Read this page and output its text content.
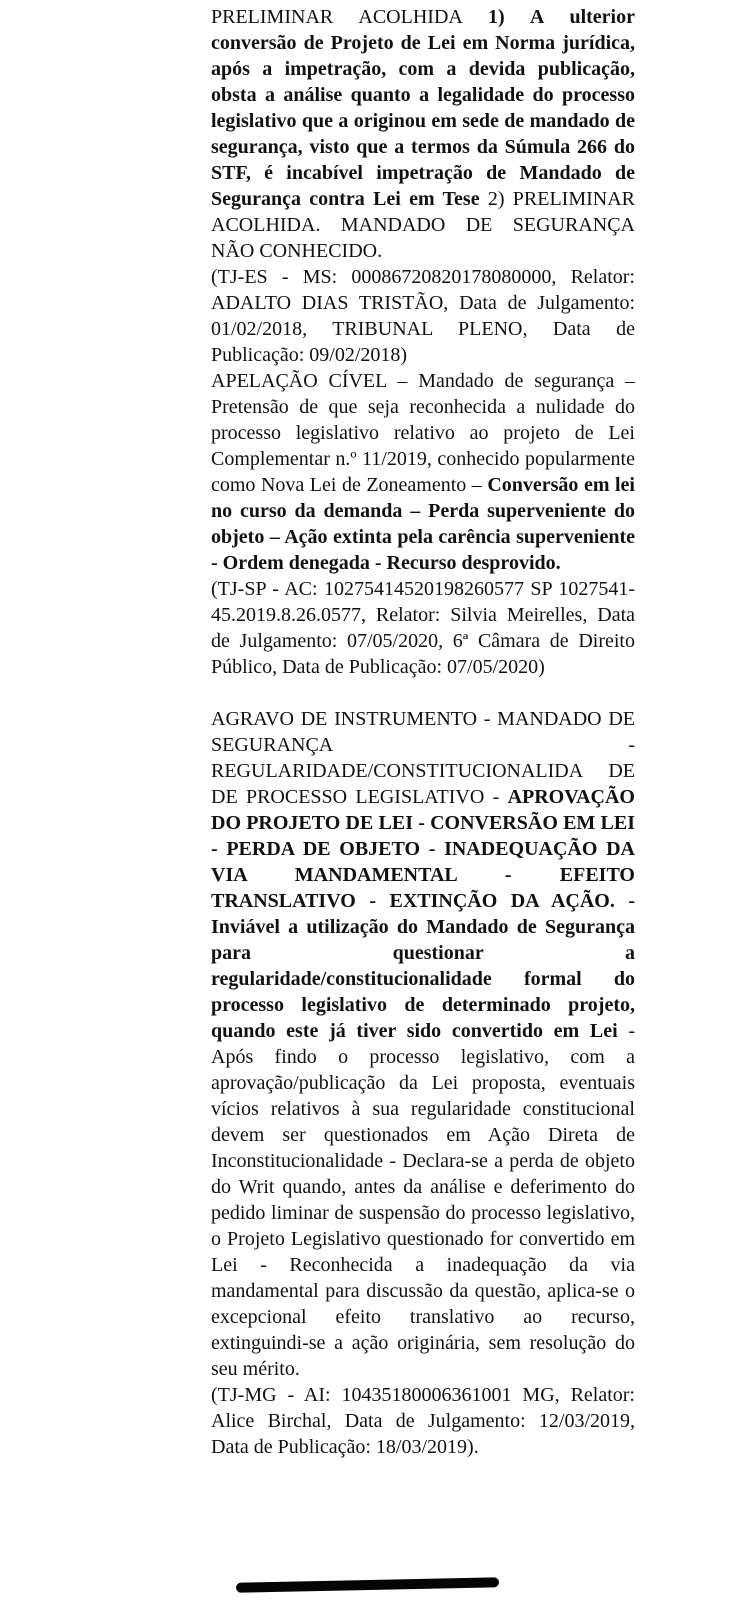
PRELIMINAR ACOLHIDA 1) A ulterior conversão de Projeto de Lei em Norma jurídica, após a impetração, com a devida publicação, obsta a análise quanto a legalidade do processo legislativo que a originou em sede de mandado de segurança, visto que a termos da Súmula 266 do STF, é incabível impetração de Mandado de Segurança contra Lei em Tese 2) PRELIMINAR ACOLHIDA. MANDADO DE SEGURANÇA NÃO CONHECIDO.

(TJ-ES - MS: 00086720820178080000, Relator: ADALTO DIAS TRISTÃO, Data de Julgamento: 01/02/2018, TRIBUNAL PLENO, Data de Publicação: 09/02/2018)

APELAÇÃO CÍVEL – Mandado de segurança – Pretensão de que seja reconhecida a nulidade do processo legislativo relativo ao projeto de Lei Complementar n.º 11/2019, conhecido popularmente como Nova Lei de Zoneamento – Conversão em lei no curso da demanda – Perda superveniente do objeto – Ação extinta pela carência superveniente - Ordem denegada - Recurso desprovido.

(TJ-SP - AC: 10275414520198260577 SP 1027541-45.2019.8.26.0577, Relator: Silvia Meirelles, Data de Julgamento: 07/05/2020, 6ª Câmara de Direito Público, Data de Publicação: 07/05/2020)

AGRAVO DE INSTRUMENTO - MANDADO DE SEGURANÇA - REGULARIDADE/CONSTITUCIONALIDA DE DE PROCESSO LEGISLATIVO - APROVAÇÃO DO PROJETO DE LEI - CONVERSÃO EM LEI - PERDA DE OBJETO - INADEQUAÇÃO DA VIA MANDAMENTAL - EFEITO TRANSLATIVO - EXTINÇÃO DA AÇÃO. - Inviável a utilização do Mandado de Segurança para questionar a regularidade/constitucionalidade formal do processo legislativo de determinado projeto, quando este já tiver sido convertido em Lei - Após findo o processo legislativo, com a aprovação/publicação da Lei proposta, eventuais vícios relativos à sua regularidade constitucional devem ser questionados em Ação Direta de Inconstitucionalidade - Declara-se a perda de objeto do Writ quando, antes da análise e deferimento do pedido liminar de suspensão do processo legislativo, o Projeto Legislativo questionado for convertido em Lei - Reconhecida a inadequação da via mandamental para discussão da questão, aplica-se o excepcional efeito translativo ao recurso, extinguindi-se a ação originária, sem resolução do seu mérito.

(TJ-MG - AI: 10435180006361001 MG, Relator: Alice Birchal, Data de Julgamento: 12/03/2019, Data de Publicação: 18/03/2019).
